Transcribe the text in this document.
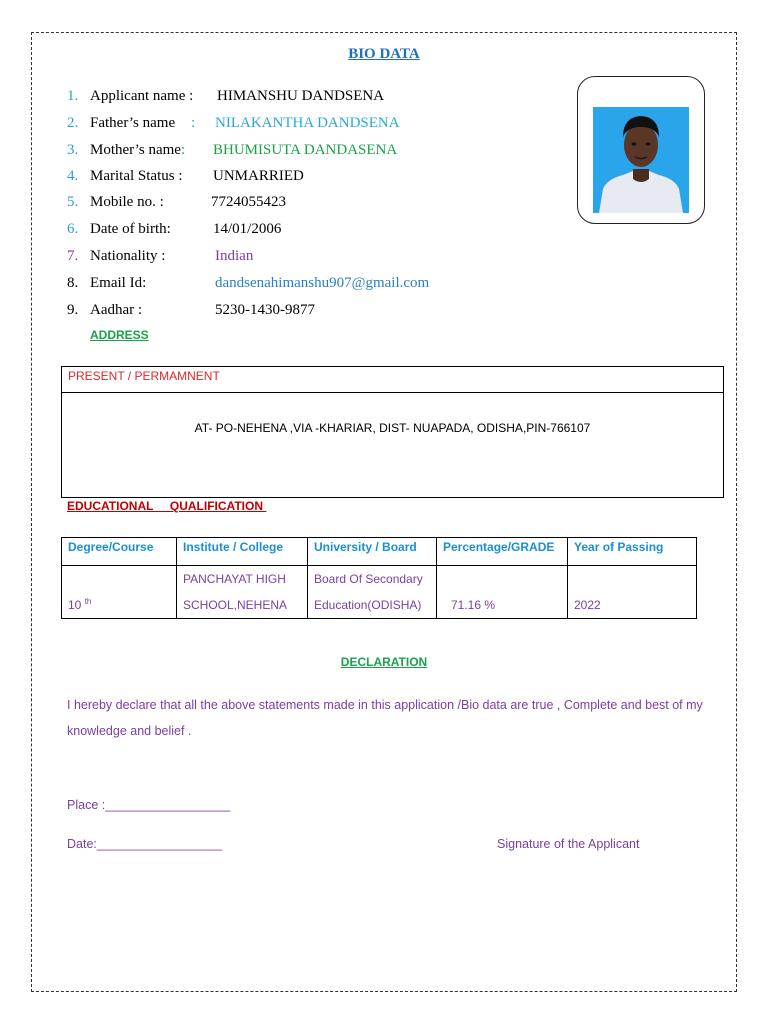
BIO DATA
1. Applicant name : HIMANSHU DANDSENA
2. Father’s name : NILAKANTHA DANDSENA
3. Mother’s name: BHUMISUTA DANDASENA
4. Marital Status : UNMARRIED
5. Mobile no. :	7724055423
6. Date of birth:	14/01/2006
7. Nationality :	Indian
8. Email Id:	dandsenahimanshu907@gmail.com
9. Aadhar :	5230-1430-9877
ADDRESS
PRESENT / PERMAMNENT
AT- PO-NEHENA ,VIA -KHARIAR, DIST- NUAPADA, ODISHA,PIN-766107
EDUCATIONAL     QUALIFICATION
Degree/Course	Institute / College	University / Board	Percentage/GRADE	Year of Passing
10 $^{th}$	PANCHAYAT HIGH SCHOOL,NEHENA	Board Of Secondary Education(ODISHA)	71.16 %	2022
DECLARATION
I hereby declare that all the above statements made in this application /Bio data are true , Complete and best of my knowledge and belief .
Place :__________________
Date:__________________	Signature of the Applicant
